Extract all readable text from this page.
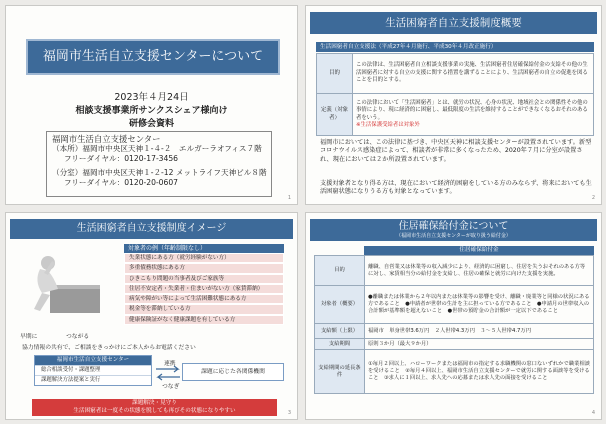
福岡市生活自立支援センターについて
2023年４月24日
相談支援事業所サンクスシェア様向け
研修会資料
福岡市生活自立支援センター
（本所）福岡市中央区天神１-４-２　エルガーラオフィス７階
フリーダイヤル：0120-17-3456
（分室）福岡市中央区天神１-２-12 メットライフ天神ビル８階
フリーダイヤル：0120-20-0607
1
生活困窮者自立支援制度概要
生活困窮者自立支援法（平成27年４月施行、平成30年４月改正施行）
目的	この法律は、生活困窮者自立相談支援事業の実施、生活困窮者住居確保給付金の支給その他の生活困窮者に対する自立の支援に関する措置を講ずることにより、生活困窮者の自立の促進を図ることを目的とする。
定義（対象者）	この法律において「生活困窮者」とは、就労の状況、心身の状況、地域社会との関係性その他の事情により、現に経済的に困窮し、最低限度の生活を維持することができなくなるおそれのある者をいう。
※生活保護受給者は対象外
福岡市においては、この法律に基づき、中央区天神に相談支援センターが設置されています。新型コロナウイルス感染症によって、相談者が非常に多くなったため、2020年７月に分室が設置され、現在においては２か所設置されています。
支援対象者となり得る方は、現在において経済的困窮をしている方のみならず、将来においても生活困窮状態になりうる方も対象となっています。
2
生活困窮者自立支援制度イメージ
対象者の例（年齢制限なし）
失業状態にある方（就労経験がない方）
多重債務状態にある方
ひきこもり問題の当事者及びご家族等
住居不安定者・失業者・住まいがない方（家賃滞納）
病気や障がい等によって生活困難状態にある方
税金等を滞納している方
健康保険証がなく健康課題を有している方
早期に	つながる
協力情報の共有で、ご相談をきっかけにご本人からお電話ください
福岡市生活自立支援センター
総合相談受付・課題整理
課題解決方法提案と実行
連携
つなぎ
課題に応じた各関係機関
課題解決・見守り
生活困窮者は一度その状態を脱しても再びその状態になりやすい	3
住居確保給付金について
（福岡市生活自立支援センターが取り扱う給付金）
住居確保給付金
目的	離職、自営業又は休業等の収入減少により、経済的に困窮し、住居を失うおそれのある方等に対し、家賃相当分の給付金を支給し、住居の確保と就労に向けた支援を実施。
対象者（概要）	●離職または休業から２年以内または休業等の影響を受け、離職・廃業等と同様の状況にある方であること　●申請者が世帯の生計を主に担っている方であること　●申請月の世帯収入の合計額が基準額を超えないこと　●世帯の預貯金の合計額が一定以下であること
支給額（上限）	福岡市　単身世帯3.6万円　２人世帯4.3万円　３〜５人世帯4.7万円
支給期間	原則３か月（最大９か月）
支給期間の延長条件	①毎月２回以上、ハローワークまたは福岡市の指定する求職機関の窓口ないずれかで職業相談を受けること　②毎月４回以上、福岡市生活自立支援センターで就労に関する面談等を受けること　③求人に１回以上、求人先への応募または求人先の面接を受けること
4
